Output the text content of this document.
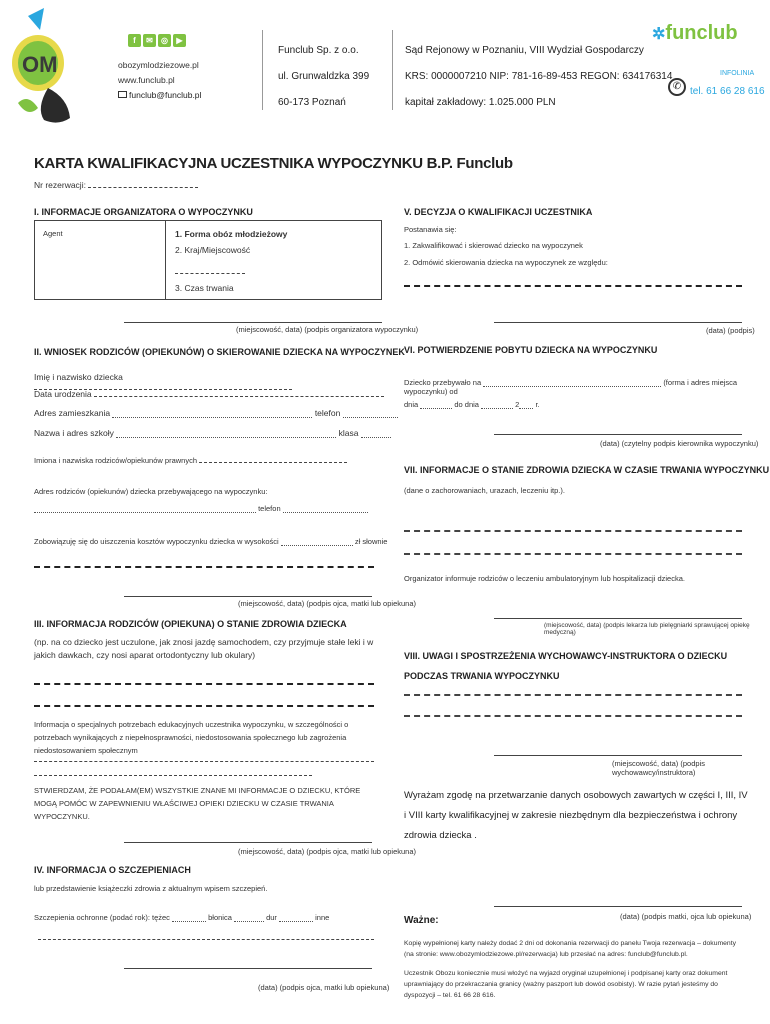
OM
f ✉ ◎ ▶
obozymlodziezowe.pl
www.funclub.pl
funclub@funclub.pl
Funclub Sp. z o.o.
ul. Grunwaldzka 399
60-173 Poznań
Sąd Rejonowy w Poznaniu, VIII Wydział Gospodarczy
KRS: 0000007210 NIP: 781-16-89-453 REGON: 634176314
kapitał zakładowy: 1.025.000 PLN
✲funclub
INFOLINIA
✆ tel. 61 66 28 616
KARTA KWALIFIKACYJNA UCZESTNIKA WYPOCZYNKU B.P. Funclub
Nr rezerwacji:
I. INFORMACJE ORGANIZATORA O WYPOCZYNKU
Agent	1. Forma obóz młodzieżowy
2. Kraj/Miejscowość
3. Czas trwania
(miejscowość, data) (podpis organizatora wypoczynku)
II. WNIOSEK RODZICÓW (OPIEKUNÓW) O SKIEROWANIE DZIECKA NA WYPOCZYNEK
Imię i nazwisko dziecka
Data urodzenia
Adres zamieszkania	telefon
Nazwa i adres szkoły	klasa
Imiona i nazwiska rodziców/opiekunów prawnych
Adres rodziców (opiekunów) dziecka przebywającego na wypoczynku:
telefon
Zobowiązuję się do uiszczenia kosztów wypoczynku dziecka w wysokości	zł słownie
(miejscowość, data) (podpis ojca, matki lub opiekuna)
III. INFORMACJA RODZICÓW (OPIEKUNA) O STANIE ZDROWIA DZIECKA
(np. na co dziecko jest uczulone, jak znosi jazdę samochodem, czy przyjmuje stałe leki i w jakich dawkach, czy nosi aparat ortodontyczny lub okulary)
Informacja o specjalnych potrzebach edukacyjnych uczestnika wypoczynku, w szczególności o potrzebach wynikających z niepełnosprawności, niedostosowania społecznego lub zagrożenia niedostosowaniem społecznym
STWIERDZAM, ŻE PODAŁAM(EM) WSZYSTKIE ZNANE MI INFORMACJE O DZIECKU, KTÓRE MOGĄ POMÓC W ZAPEWNIENIU WŁAŚCIWEJ OPIEKI DZIECKU W CZASIE TRWANIA WYPOCZYNKU.
(miejscowość, data) (podpis ojca, matki lub opiekuna)
IV. INFORMACJA O SZCZEPIENIACH
lub przedstawienie książeczki zdrowia z aktualnym wpisem szczepień.
Szczepienia ochronne (podać rok): tężec	błonica	dur	inne
(data) (podpis ojca, matki lub opiekuna)
V. DECYZJA O KWALIFIKACJI UCZESTNIKA
Postanawia się:
1. Zakwalifikować i skierować dziecko na wypoczynek
2. Odmówić skierowania dziecka na wypoczynek ze względu:
(data) (podpis)
VI. POTWIERDZENIE POBYTU DZIECKA NA WYPOCZYNKU
Dziecko przebywało na	(forma i adres miejsca wypoczynku) od
dnia	do dnia	2 r.
(data) (czytelny podpis kierownika wypoczynku)
VII. INFORMACJE O STANIE ZDROWIA DZIECKA W CZASIE TRWANIA WYPOCZYNKU
(dane o zachorowaniach, urazach, leczeniu itp.).
Organizator informuje rodziców o leczeniu ambulatoryjnym lub hospitalizacji dziecka.
(miejscowość, data) (podpis lekarza lub pielęgniarki sprawującej opiekę medyczną)
VIII. UWAGI I SPOSTRZEŻENIA WYCHOWAWCY-INSTRUKTORA O DZIECKU PODCZAS TRWANIA WYPOCZYNKU
(miejscowość, data) (podpis wychowawcy/instruktora)
Wyrażam zgodę na przetwarzanie danych osobowych zawartych w części I, III, IV i VIII karty kwalifikacyjnej w zakresie niezbędnym dla bezpieczeństwa i ochrony zdrowia dziecka .
(data) (podpis matki, ojca lub opiekuna)
Ważne:
Kopię wypełnionej karty należy dodać 2 dni od dokonania rezerwacji do panelu Twoja rezerwacja – dokumenty (na stronie: www.obozymlodziezowe.pl/rezerwacja) lub przesłać na adres: funclub@funclub.pl.
Uczestnik Obozu koniecznie musi włożyć na wyjazd oryginał uzupełnionej i podpisanej karty oraz dokument uprawniający do przekraczania granicy (ważny paszport lub dowód osobisty). W razie pytań jesteśmy do dyspozycji – tel. 61 66 28 616.
